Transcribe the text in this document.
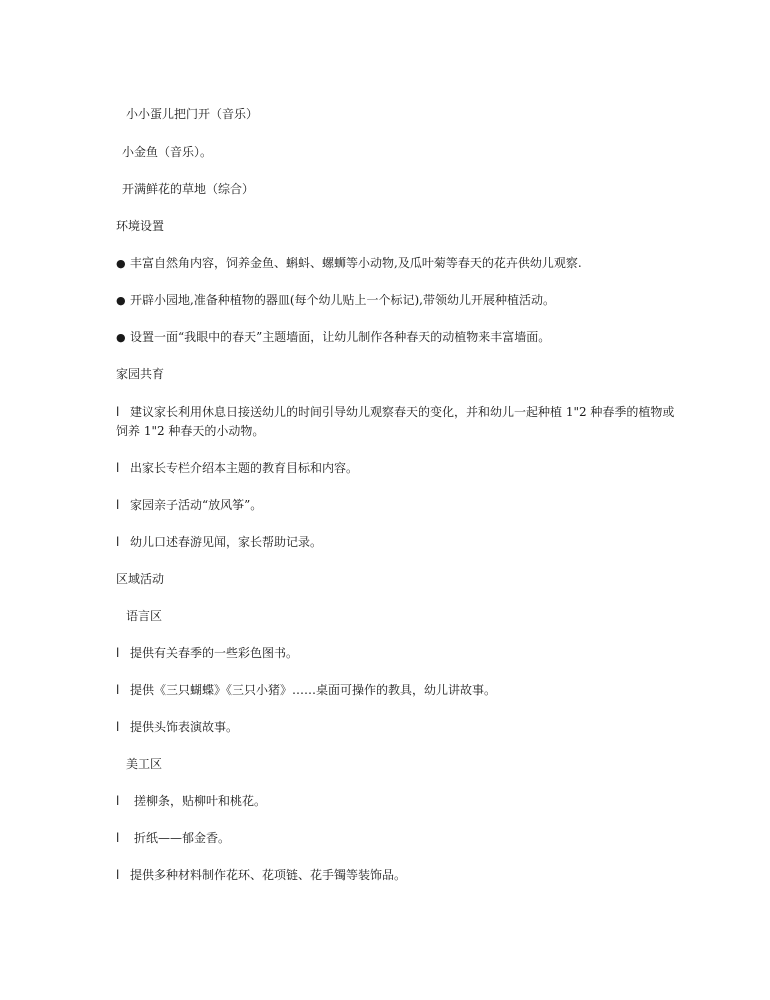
小小蛋儿把门开（音乐）
小金鱼（音乐）。
开满鲜花的草地（综合）
环境设置
● 丰富自然角内容，饲养金鱼、蝌蚪、螺蛳等小动物,及瓜叶菊等春天的花卉供幼儿观察.
● 开辟小园地,准备种植物的器皿(每个幼儿贴上一个标记),带领幼儿开展种植活动。
● 设置一面“我眼中的春天”主题墙面，让幼儿制作各种春天的动植物来丰富墙面。
家园共育
l 建议家长利用休息日接送幼儿的时间引导幼儿观察春天的变化，并和幼儿一起种植 1"2 种春季的植物或饲养 1"2 种春天的小动物。
l 出家长专栏介绍本主题的教育目标和内容。
l 家园亲子活动“放风筝”。
l 幼儿口述春游见闻，家长帮助记录。
区域活动
语言区
l 提供有关春季的一些彩色图书。
l 提供《三只蝴蝶》《三只小猪》……桌面可操作的教具，幼儿讲故事。
l 提供头饰表演故事。
美工区
l 搓柳条，贴柳叶和桃花。
l 折纸——郁金香。
l 提供多种材料制作花环、花项链、花手镯等装饰品。
